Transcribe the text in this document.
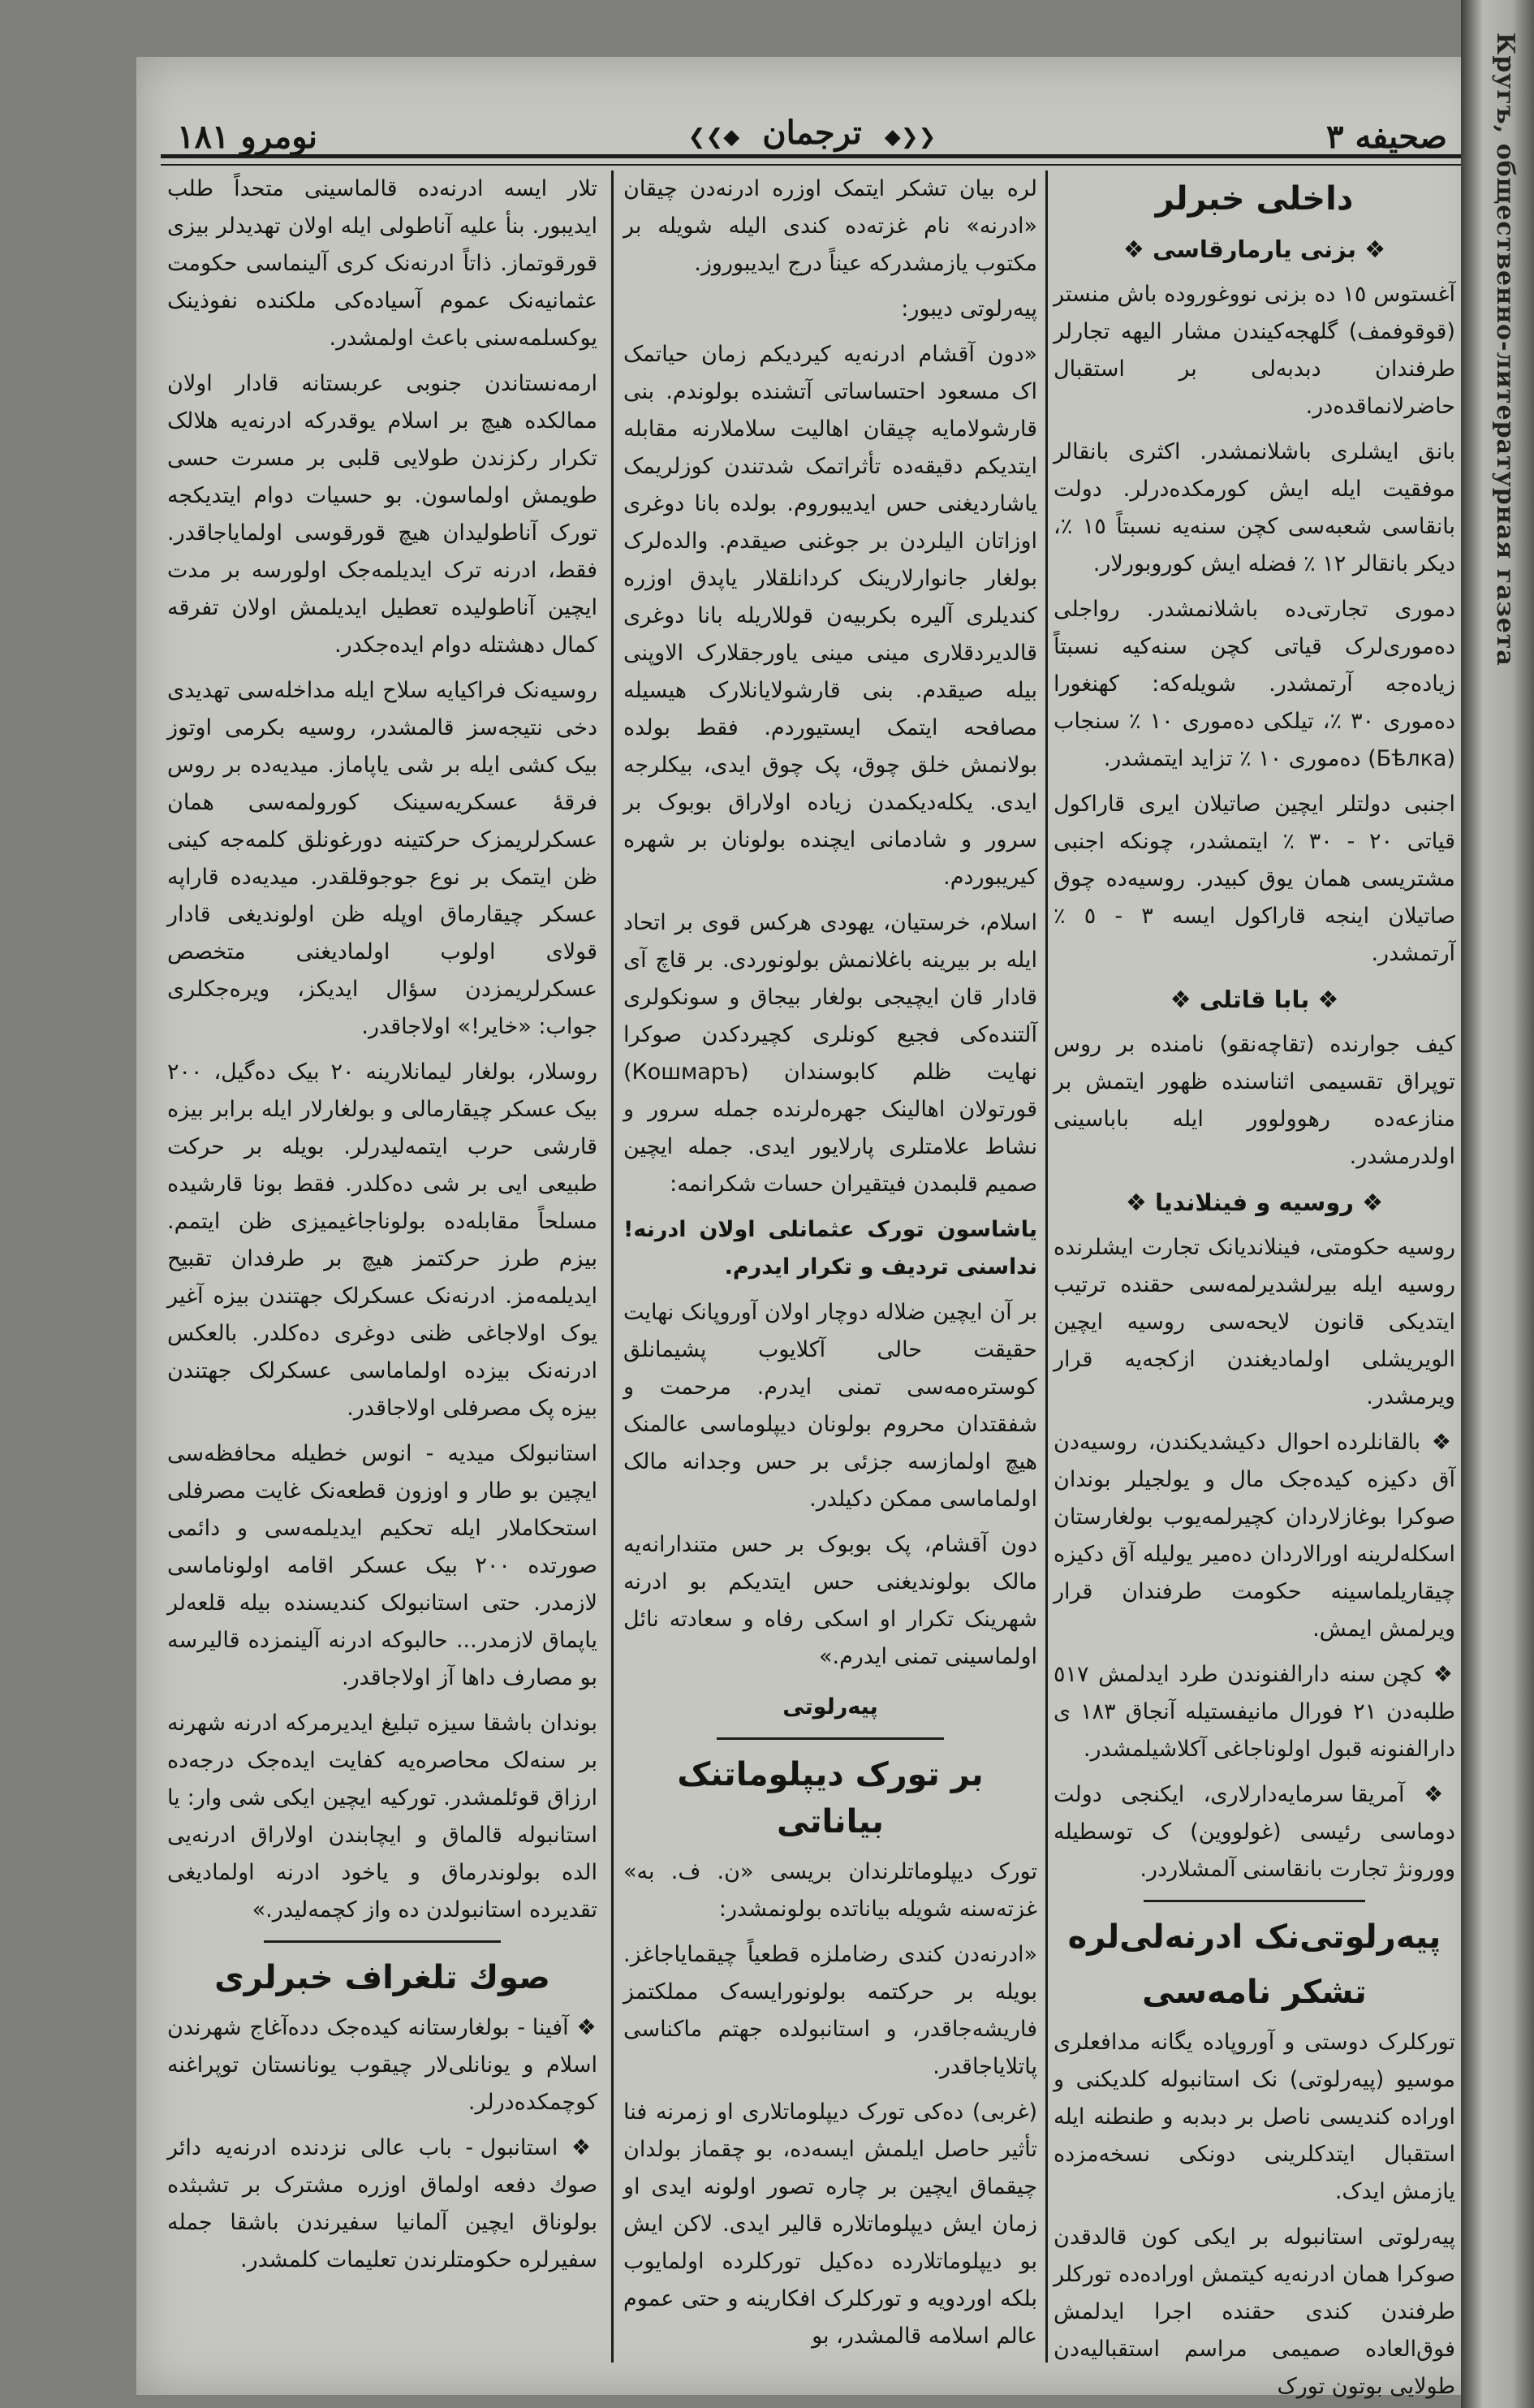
نومرو ١٨١	❮❮◆ ترجمان ◆❯❯	صحيفه ٣
داخلی خبرلر
❖ بزنی یارمارقاسی ❖

آغستوس ١٥ ده بزنی نووغوروده باش منستر (قوقوفمف) گلهجه‌کیندن مشار الیهه تجارلر طرفندان دبدبه‌لی بر استقبال حاضرلانماقده‌در.

بانق ایشلری باشلانمشدر. اکثری بانقالر موفقیت ایله ایش کورمکده‌درلر. دولت بانقاسی شعبه‌سی کچن سنه‌یه نسبتاً ١٥ ٪، دیکر بانقالر ١٢ ٪ فضله ایش کوروبورلار.

دموری تجارتی‌ده باشلانمشدر. رواجلی ده‌موری‌لرک قیاتی کچن سنه‌کیه نسبتاً زیاده‌جه آرتمشدر. شویله‌که: کهنغورا ده‌موری ٣٠ ٪، تیلکی ده‌موری ١٠ ٪ سنجاب (Бѣлка) ده‌موری ١٠ ٪ تزاید ایتمشدر.

اجنبی دولتلر ایچین صاتیلان ایری قاراکول قیاتی ٢٠ - ٣٠ ٪ ایتمشدر، چونکه اجنبی مشتریسی همان یوق کبیدر. روسیه‌ده چوق صاتیلان اینجه قاراکول ایسه ٣ - ٥ ٪ آرتمشدر.

❖ بابا قاتلی ❖

کیف جوارنده (تقاچه‌نقو) نامنده بر روس توپراق تقسیمی اثناسنده ظهور ایتمش بر منازعه‌ده رهوولوور ایله باباسینی اولدرمشدر.

❖ روسیه و فینلاندیا ❖

روسیه حکومتی، فینلاندیانک تجارت ایشلرنده روسیه ایله بیرلشدیرلمه‌سی حقنده ترتیب ایتدیکی قانون لایحه‌سی روسیه ایچین الویریشلی اولمادیغندن ازکجه‌یه قرار ویرمشدر.

❖ بالقانلرده احوال دکیشدیکندن، روسیه‌دن آق دکیزه کیده‌جک مال و یولجیلر بوندان صوکرا بوغازلاردان کچیرلمه‌یوب بولغارستان اسکله‌لرینه اورالاردان ده‌میر یولیله آق دکیزه چیقاریلماسینه حکومت طرفندان قرار ویرلمش ایمش.

❖ کچن سنه دارالفنوندن طرد ایدلمش ٥١٧ طلبه‌دن ٢١ فورال مانیفستیله آنجاق ١٨٣ ی دارالفنونه قبول اولوناجاغی آکلاشیلمشدر.

❖ آمریقا سرمایه‌دارلاری، ایکنجی دولت دوماسی رئیسی (غولووین) ک توسطیله وورونژ تجارت بانقاسنی آلمشلاردر.

پیه‌رلوتی‌نک ادرنه‌لی‌لره
تشکر نامه‌سی

تورکلرک دوستی و آوروپاده یگانه مدافعلری موسیو (پیه‌رلوتی) نک استانبوله کلدیکنی و اوراده کندیسی ناصل بر دبدبه و طنطنه ایله استقبال ایتدکلرینی دونکی نسخه‌مزده یازمش ایدک.

پیه‌رلوتی استانبوله بر ایکی کون قالدقدن صوکرا همان ادرنه‌یه کیتمش اوراده‌ده تورکلر طرفندن کندی حقنده اجرا ایدلمش فوق‌العاده صمیمی مراسم استقبالیه‌دن طولایی بوتون تورک

لره بیان تشکر ایتمک اوزره ادرنه‌دن چیقان «ادرنه» نام غزته‌ده کندی الیله شویله بر مکتوب یازمشدرکه عیناً درج ایدیبوروز.

پیه‌رلوتی دیبور:

«دون آقشام ادرنه‌یه کیردیکم زمان حیاتمک اک مسعود احتساساتی آتشنده بولوندم. بنی قارشولامایه چیقان اهالیت سلاملارنه مقابله ایتدیکم دقیقه‌ده تأثراتمک شدتندن کوزلریمک یاشاردیغنی حس ایدیبوروم. بولده بانا دوغری اوزاتان الیلردن بر جوغنی صیقدم. والده‌لرک بولغار جانوارلارینک کردانلقلار یاپدق اوزره کندیلری آلیره بکربیه‌ن قوللاریله بانا دوغری قالدیردقلاری مینی مینی یاورجقلارک الاوپنی بیله صیقدم. بنی قارشولایانلارک هیسیله مصافحه ایتمک ایستیوردم. فقط بولده بولانمش خلق چوق، پک چوق ایدی، بیکلرجه ایدی. یکله‌دیکمدن زیاده اولاراق بوبوک بر سرور و شادمانی ایچنده بولونان بر شهره کیریبوردم.

اسلام، خرستیان، یهودی هرکس قوی بر اتحاد ایله بر بیرینه باغلانمش بولونوردی. بر قاچ آی قادار قان ایچیجی بولغار بیجاق و سونکولری آلتنده‌کی فجیع کونلری کچیردکدن صوکرا نهایت ظلم کابوسندان (Кошмаръ) قورتولان اهالینک جهره‌لرنده جمله سرور و نشاط علامتلری پارلایور ایدی. جمله ایچین صمیم قلبمدن فیتقیران حسات شکرانمه:

یاشاسون تورک عثمانلی اولان ادرنه! نداسنی تردیف و تکرار ایدرم.

بر آن ایچین ضلاله دوچار اولان آوروپانک نهایت حقیقت حالی آکلایوب پشیمانلق کوستره‌مه‌سی تمنی ایدرم. مرحمت و شفقتدان محروم بولونان دیپلوماسی عالمنک هیچ اولمازسه جزئی بر حس وجدانه مالک اولماماسی ممکن دکیلدر.

دون آقشام، پک بوبوک بر حس متندارانه‌یه مالک بولوندیغنی حس ایتدیکم بو ادرنه شهرینک تکرار او اسکی رفاه و سعادته نائل اولماسینی تمنی ایدرم.»

پیه‌رلوتی
بر تورک دیپلوماتنک بیاناتی

تورک دیپلوماتلرندان بریسی «ن. ف. به» غزته‌سنه شویله بیاناتده بولونمشدر:

«ادرنه‌دن کندی رضاملزه قطعیاً چیقمایاجاغز. بویله بر حرکتمه بولونورایسه‌ک مملکتمز فاریشه‌جاقدر، و استانبولده جهتم ماکناسی پاتلایاجاقدر.

(غربی) ده‌کی تورک دیپلوماتلاری او زمرنه فنا تأثیر حاصل ایلمش ایسه‌ده، بو چقماز بولدان چیقماق ایچین بر چاره تصور اولونه ایدی او زمان ایش دیپلوماتلاره قالیر ایدی. لاکن ایش بو دیپلوماتلارده ده‌کیل تورکلرده اولمایوب بلکه اوردویه و تورکلرک افکارینه و حتی عموم عالم اسلامه قالمشدر، بو

تلار ایسه ادرنه‌ده قالماسینی متحداً طلب ایدیبور. بنأ علیه آناطولی ایله اولان تهدیدلر بیزی قورقوتماز. ذاتاً ادرنه‌نک کری آلینماسی حکومت عثمانیه‌نک عموم آسیاده‌کی ملکنده نفوذینک یوکسلمه‌سنی باعث اولمشدر.

ارمه‌نستاندن جنوبی عربستانه قادار اولان ممالکده هیچ بر اسلام یوقدرکه ادرنه‌یه هلالک تکرار رکزندن طولایی قلبی بر مسرت حسی طویمش اولماسون. بو حسیات دوام ایتدیکجه تورک آناطولیدان هیچ قورقوسی اولمایاجاقدر. فقط، ادرنه ترک ایدیلمه‌جک اولورسه بر مدت ایچین آناطولیده تعطیل ایدیلمش اولان تفرقه کمال دهشتله دوام ایده‌جکدر.

روسیه‌نک فراکیایه سلاح ایله مداخله‌سی تهدیدی دخی نتیجه‌سز قالمشدر، روسیه بکرمی اوتوز بیک کشی ایله بر شی یاپاماز. میدیه‌ده بر روس فرقهٔ عسکریه‌سینک کورولمه‌سی همان عسکرلریمزک حرکتینه دورغونلق کلمه‌جه کینی ظن ایتمک بر نوع جوجوقلقدر. میدیه‌ده قاراپه عسکر چیقارماق اوپله ظن اولوندیغی قادار قولای اولوب اولمادیغنی متخصص عسکرلریمزدن سؤال ایدیکز، ویره‌جکلری جواب: «خایر!» اولاجاقدر.

روسلار، بولغار لیمانلارینه ٢٠ بیک ده‌گیل، ٢٠٠ بیک عسکر چیقارمالی و بولغارلار ایله برابر بیزه قارشی حرب ایتمه‌لیدرلر. بویله بر حرکت طبیعی ایی بر شی ده‌کلدر. فقط بونا قارشیده مسلحاً مقابله‌ده بولوناجاغیمیزی ظن ایتمم. بیزم طرز حرکتمز هیچ بر طرفدان تقبیح ایدیلمه‌مز. ادرنه‌نک عسکرلک جهتندن بیزه آغیر یوک اولاجاغی ظنی دوغری ده‌کلدر. بالعکس ادرنه‌نک بیزده اولماماسی عسکرلک جهتندن بیزه پک مصرفلی اولاجاقدر.

استانبولک میدیه - انوس خطیله محافظه‌سی ایچین بو طار و اوزون قطعه‌نک غایت مصرفلی استحکاملار ایله تحکیم ایدیلمه‌سی و دائمی صورتده ٢٠٠ بیک عسکر اقامه اولوناماسی لازمدر. حتی استانبولک کندیسنده بیله قلعه‌لر یاپماق لازمدر... حالبوکه ادرنه آلینمزده قالیرسه بو مصارف داها آز اولاجاقدر.

بوندان باشقا سیزه تبلیغ ایدیرمرکه ادرنه شهرنه بر سنه‌لک محاصره‌یه کفایت ایده‌جک درجه‌ده ارزاق قوئلمشدر. تورکیه ایچین ایکی شی وار: یا استانبوله قالماق و ایچابندن اولاراق ادرنه‌یی الده بولوندرماق و یاخود ادرنه اولمادیغی تقدیرده استانبولدن ده واز کچمه‌لیدر.»

صوك تلغراف خبرلری

❖ آفینا - بولغارستانه کیده‌جک دده‌آغاج شهرندن اسلام و یونانلی‌لار چیقوب یونانستان توپراغنه کوچمکده‌درلر.

❖ استانبول - باب عالی نزدنده ادرنه‌یه دائر صوك دفعه اولماق اوزره مشترک بر تشبثده بولوناق ایچین آلمانیا سفیرندن باشقا جمله سفیرلره حکومتلرندن تعلیمات کلمشدر.

Кругъ, общественно-литературная газета
